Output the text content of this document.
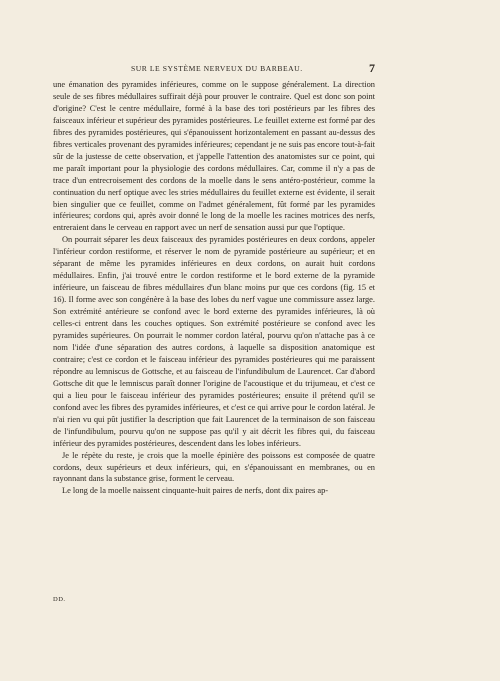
SUR LE SYSTÈME NERVEUX DU BARBEAU.	7

une émanation des pyramides inférieures, comme on le suppose généralement. La direction seule de ses fibres médullaires suffirait déjà pour prouver le contraire. Quel est donc son point d'origine? C'est le centre médullaire, formé à la base des tori postérieurs par les fibres des faisceaux inférieur et supérieur des pyramides postérieures. Le feuillet externe est formé par des fibres des pyramides postérieures, qui s'épanouissent horizontalement en passant au-dessus des fibres verticales provenant des pyramides inférieures; cependant je ne suis pas encore tout-à-fait sûr de la justesse de cette observation, et j'appelle l'attention des anatomistes sur ce point, qui me paraît important pour la physiologie des cordons médullaires. Car, comme il n'y a pas de trace d'un entrecroisement des cordons de la moelle dans le sens antéro-postérieur, comme la continuation du nerf optique avec les stries médullaires du feuillet externe est évidente, il serait bien singulier que ce feuillet, comme on l'admet généralement, fût formé par les pyramides inférieures; cordons qui, après avoir donné le long de la moelle les racines motrices des nerfs, entreraient dans le cerveau en rapport avec un nerf de sensation aussi pur que l'optique.

On pourrait séparer les deux faisceaux des pyramides postérieures en deux cordons, appeler l'inférieur cordon restiforme, et réserver le nom de pyramide postérieure au supérieur; et en séparant de même les pyramides inférieures en deux cordons, on aurait huit cordons médullaires. Enfin, j'ai trouvé entre le cordon restiforme et le bord externe de la pyramide inférieure, un faisceau de fibres médullaires d'un blanc moins pur que ces cordons (fig. 15 et 16). Il forme avec son congénère à la base des lobes du nerf vague une commissure assez large. Son extrémité antérieure se confond avec le bord externe des pyramides inférieures, là où celles-ci entrent dans les couches optiques. Son extrémité postérieure se confond avec les pyramides supérieures. On pourrait le nommer cordon latéral, pourvu qu'on n'attache pas à ce nom l'idée d'une séparation des autres cordons, à laquelle sa disposition anatomique est contraire; c'est ce cordon et le faisceau inférieur des pyramides postérieures qui me paraissent répondre au lemniscus de Gottsche, et au faisceau de l'infundibulum de Laurencet. Car d'abord Gottsche dit que le lemniscus paraît donner l'origine de l'acoustique et du trijumeau, et c'est ce qui a lieu pour le faisceau inférieur des pyramides postérieures; ensuite il prétend qu'il se confond avec les fibres des pyramides inférieures, et c'est ce qui arrive pour le cordon latéral. Je n'ai rien vu qui pût justifier la description que fait Laurencet de la terminaison de son faisceau de l'infundibulum, pourvu qu'on ne suppose pas qu'il y ait décrit les fibres qui, du faisceau inférieur des pyramides postérieures, descendent dans les lobes inférieurs.

Je le répète du reste, je crois que la moelle épinière des poissons est composée de quatre cordons, deux supérieurs et deux inférieurs, qui, en s'épanouissant en membranes, ou en rayonnant dans la substance grise, forment le cerveau.

Le long de la moelle naissent cinquante-huit paires de nerfs, dont dix paires ap-

DD.
